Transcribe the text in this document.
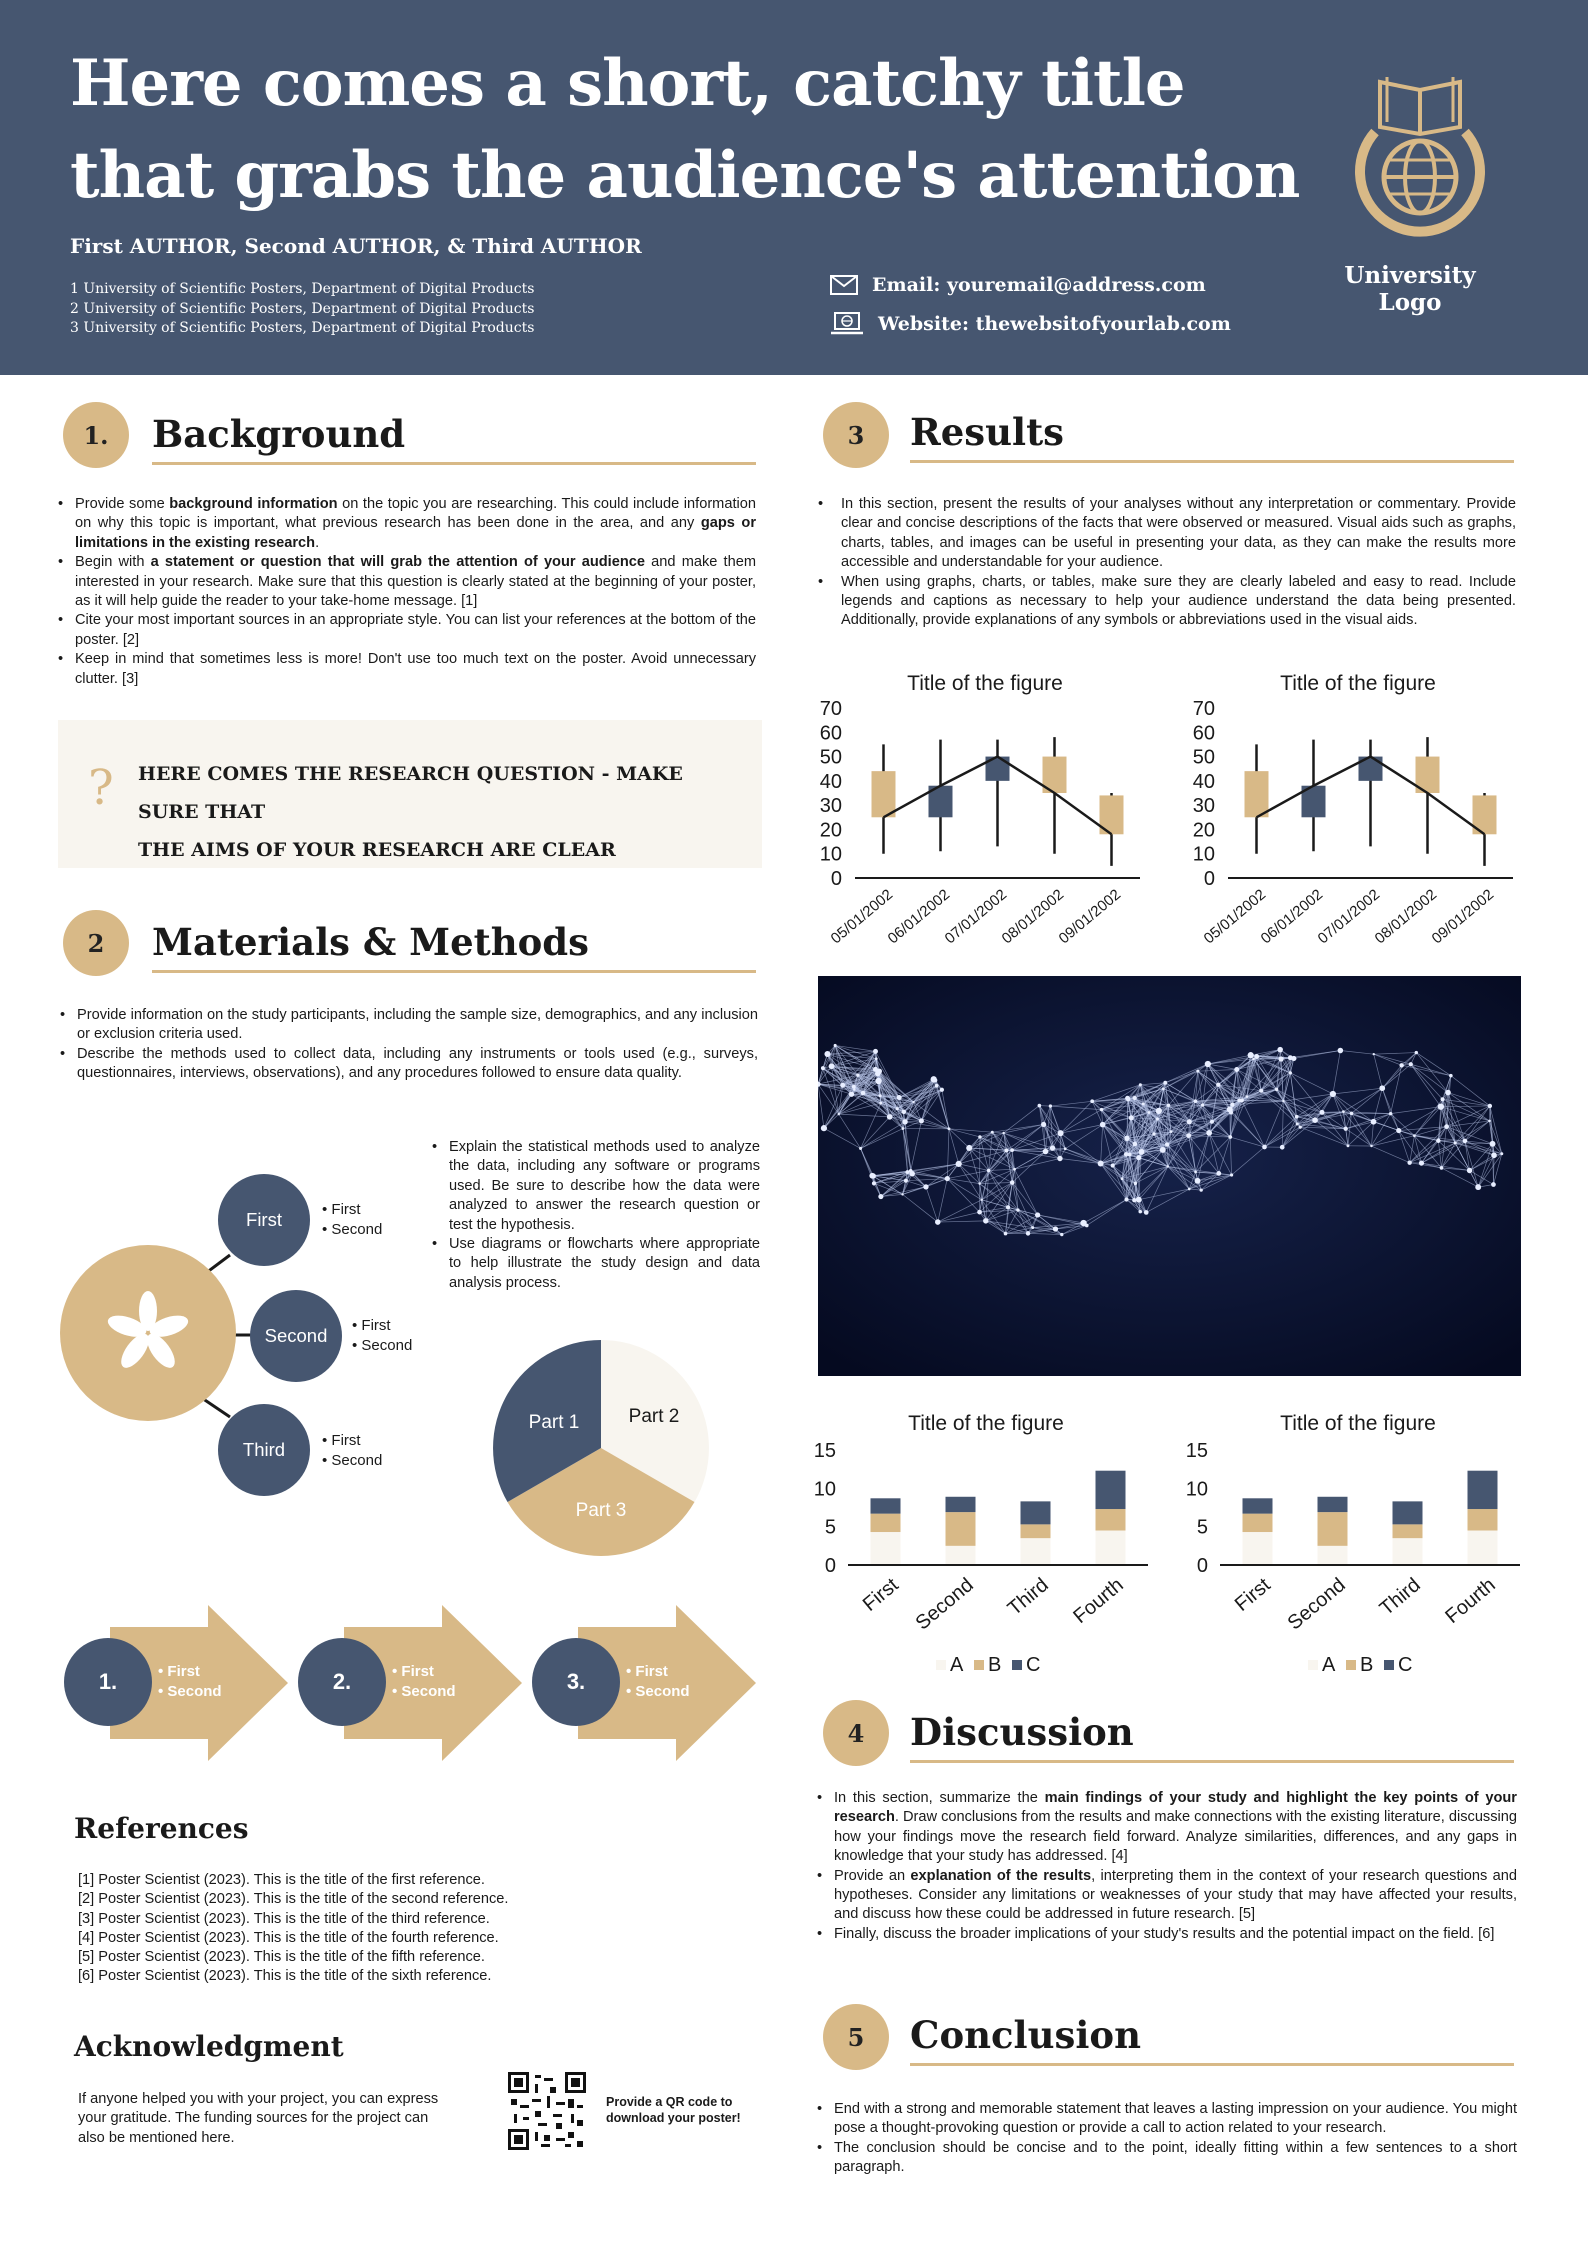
Here comes a short, catchy title
that grabs the audience's attention
First AUTHOR, Second AUTHOR, & Third AUTHOR
1 University of Scientific Posters, Department of Digital Products
2 University of Scientific Posters, Department of Digital Products
3 University of Scientific Posters, Department of Digital Products
Email: youremail@address.com
Website: thewebsitofyourlab.com
University Logo
1.	Background
• Provide some background information on the topic you are researching. This could include information on why this topic is important, what previous research has been done in the area, and any gaps or limitations in the existing research.
• Begin with a statement or question that will grab the attention of your audience and make them interested in your research. Make sure that this question is clearly stated at the beginning of your poster, as it will help guide the reader to your take-home message. [1]
• Cite your most important sources in an appropriate style. You can list your references at the bottom of the poster. [2]
• Keep in mind that sometimes less is more! Don't use too much text on the poster. Avoid unnecessary clutter. [3]
? HERE COMES THE RESEARCH QUESTION - MAKE SURE THAT
THE AIMS OF YOUR RESEARCH ARE CLEAR
2	Materials & Methods
• Provide information on the study participants, including the sample size, demographics, and any inclusion or exclusion criteria used.
• Describe the methods used to collect data, including any instruments or tools used (e.g., surveys, questionnaires, interviews, observations), and any procedures followed to ensure data quality.
• Explain the statistical methods used to analyze the data, including any software or programs used. Be sure to describe how the data were analyzed to answer the research question or test the hypothesis.
• Use diagrams or flowcharts where appropriate to help illustrate the study design and data analysis process.
First	• First
• Second
Second	• First
• Second
Third	• First
• Second
Part 1	Part 2
Part 3
1.	• First
• Second	2.	• First
• Second	3.	• First
• Second
References
[1] Poster Scientist (2023). This is the title of the first reference.
[2] Poster Scientist (2023). This is the title of the second reference.
[3] Poster Scientist (2023). This is the title of the third reference.
[4] Poster Scientist (2023). This is the title of the fourth reference.
[5] Poster Scientist (2023). This is the title of the fifth reference.
[6] Poster Scientist (2023). This is the title of the sixth reference.
Acknowledgment
If anyone helped you with your project, you can express your gratitude. The funding sources for the project can also be mentioned here.
Provide a QR code to download your poster!
3	Results
• In this section, present the results of your analyses without any interpretation or commentary. Provide clear and concise descriptions of the facts that were observed or measured. Visual aids such as graphs, charts, tables, and images can be useful in presenting your data, as they can make the results more accessible and understandable for your audience.
• When using graphs, charts, or tables, make sure they are clearly labeled and easy to read. Include legends and captions as necessary to help your audience understand the data being presented. Additionally, provide explanations of any symbols or abbreviations used in the visual aids.
Title of the figure
0
10
20
30
40
50
60
70
05/01/2002
06/01/2002
07/01/2002
08/01/2002
09/01/2002
Title of the figure
0
10
20
30
40
50
60
70
05/01/2002
06/01/2002
07/01/2002
08/01/2002
09/01/2002
Title of the figure
0
5
10
15
First Second Third Fourth
A B C
Title of the figure
0
5
10
15
First Second Third Fourth
A B C
4	Discussion
• In this section, summarize the main findings of your study and highlight the key points of your research. Draw conclusions from the results and make connections with the existing literature, discussing how your findings move the research field forward. Analyze similarities, differences, and any gaps in knowledge that your study has addressed. [4]
• Provide an explanation of the results, interpreting them in the context of your research questions and hypotheses. Consider any limitations or weaknesses of your study that may have affected your results, and discuss how these could be addressed in future research. [5]
• Finally, discuss the broader implications of your study's results and the potential impact on the field. [6]
5	Conclusion
• End with a strong and memorable statement that leaves a lasting impression on your audience. You might pose a thought-provoking question or provide a call to action related to your research.
• The conclusion should be concise and to the point, ideally fitting within a few sentences to a short paragraph.
